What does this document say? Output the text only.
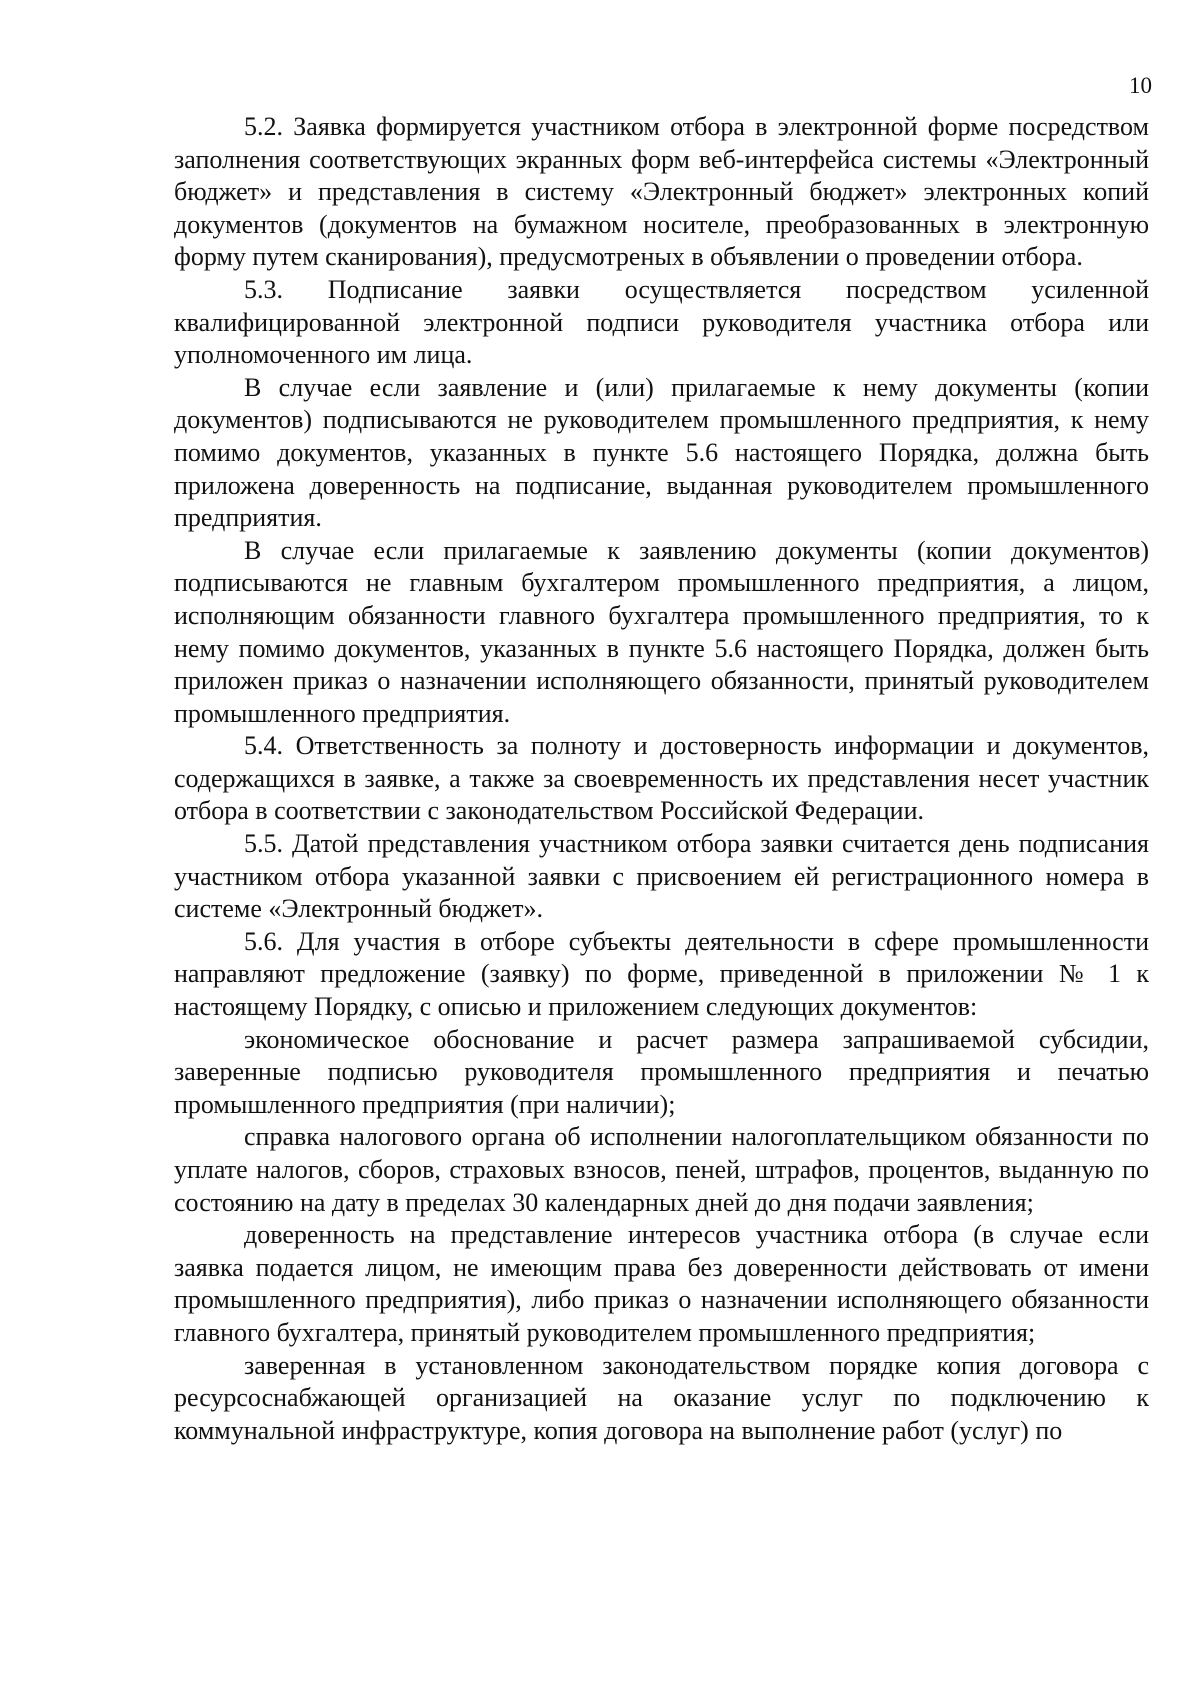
10

5.2. Заявка формируется участником отбора в электронной форме посредством заполнения соответствующих экранных форм веб-интерфейса системы «Электронный бюджет» и представления в систему «Электронный бюджет» электронных копий документов (документов на бумажном носителе, преобразованных в электронную форму путем сканирования), предусмотреных в объявлении о проведении отбора.

5.3. Подписание заявки осуществляется посредством усиленной квалифицированной электронной подписи руководителя участника отбора или уполномоченного им лица.

В случае если заявление и (или) прилагаемые к нему документы (копии документов) подписываются не руководителем промышленного предприятия, к нему помимо документов, указанных в пункте 5.6 настоящего Порядка, должна быть приложена доверенность на подписание, выданная руководителем промышленного предприятия.

В случае если прилагаемые к заявлению документы (копии документов) подписываются не главным бухгалтером промышленного предприятия, а лицом, исполняющим обязанности главного бухгалтера промышленного предприятия, то к нему помимо документов, указанных в пункте 5.6 настоящего Порядка, должен быть приложен приказ о назначении исполняющего обязанности, принятый руководителем промышленного предприятия.

5.4. Ответственность за полноту и достоверность информации и документов, содержащихся в заявке, а также за своевременность их представления несет участник отбора в соответствии с законодательством Российской Федерации.

5.5. Датой представления участником отбора заявки считается день подписания участником отбора указанной заявки с присвоением ей регистрационного номера в системе «Электронный бюджет».

5.6. Для участия в отборе субъекты деятельности в сфере промышленности направляют предложение (заявку) по форме, приведенной в приложении № 1 к настоящему Порядку, с описью и приложением следующих документов:

экономическое обоснование и расчет размера запрашиваемой субсидии, заверенные подписью руководителя промышленного предприятия и печатью промышленного предприятия (при наличии);

справка налогового органа об исполнении налогоплательщиком обязанности по уплате налогов, сборов, страховых взносов, пеней, штрафов, процентов, выданную по состоянию на дату в пределах 30 календарных дней до дня подачи заявления;

доверенность на представление интересов участника отбора (в случае если заявка подается лицом, не имеющим права без доверенности действовать от имени промышленного предприятия), либо приказ о назначении исполняющего обязанности главного бухгалтера, принятый руководителем промышленного предприятия;

заверенная в установленном законодательством порядке копия договора с ресурсоснабжающей организацией на оказание услуг по подключению к коммунальной инфраструктуре, копия договора на выполнение работ (услуг) по
